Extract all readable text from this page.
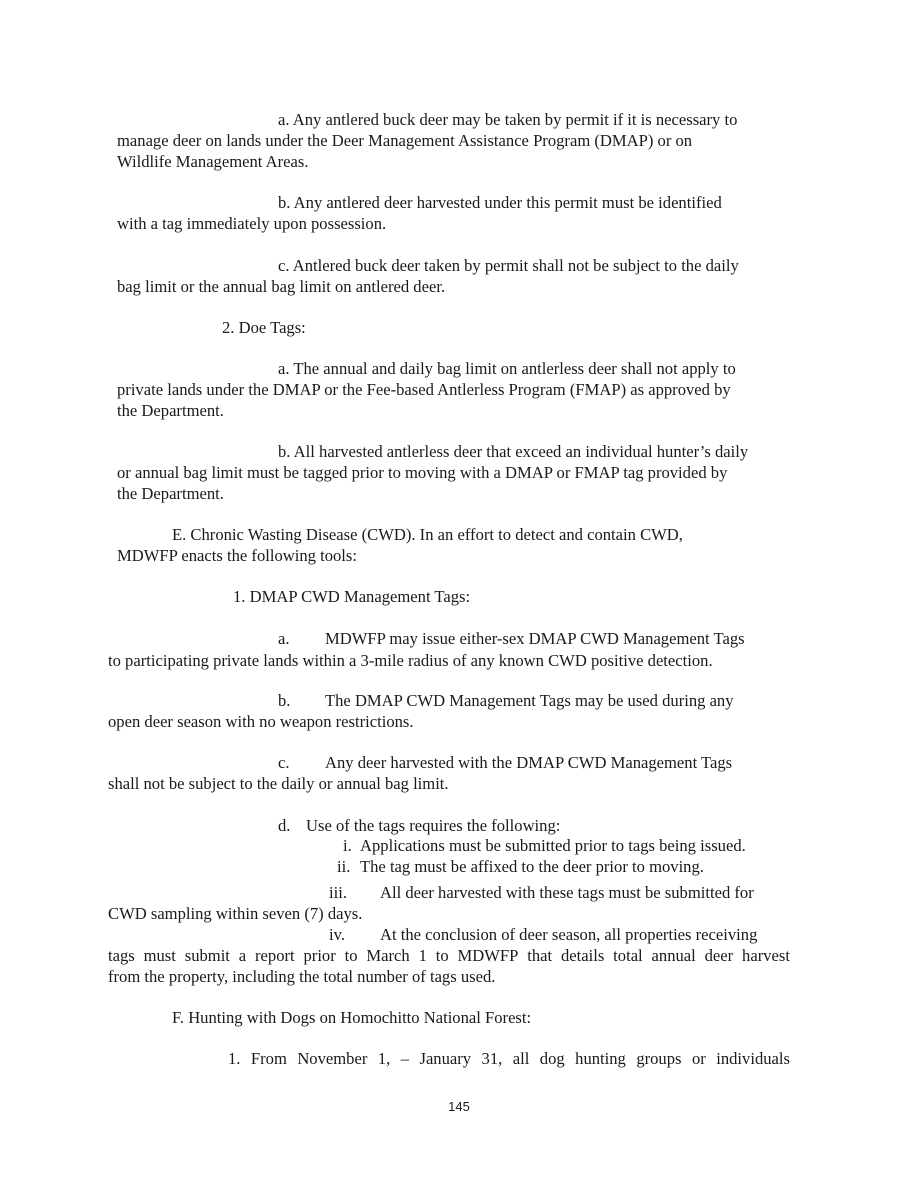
a. Any antlered buck deer may be taken by permit if it is necessary to
manage deer on lands under the Deer Management Assistance Program (DMAP) or on
Wildlife Management Areas.
b. Any antlered deer harvested under this permit must be identified
with a tag immediately upon possession.
c. Antlered buck deer taken by permit shall not be subject to the daily
bag limit or the annual bag limit on antlered deer.
2. Doe Tags:
a. The annual and daily bag limit on antlerless deer shall not apply to
private lands under the DMAP or the Fee-based Antlerless Program (FMAP) as approved by
the Department.
b. All harvested antlerless deer that exceed an individual hunter’s daily
or annual bag limit must be tagged prior to moving with a DMAP or FMAP tag provided by
the Department.
E. Chronic Wasting Disease (CWD). In an effort to detect and contain CWD,
MDWFP enacts the following tools:
1. DMAP CWD Management Tags:
a. MDWFP may issue either-sex DMAP CWD Management Tags
to participating private lands within a 3-mile radius of any known CWD positive detection.
b. The DMAP CWD Management Tags may be used during any
open deer season with no weapon restrictions.
c. Any deer harvested with the DMAP CWD Management Tags
shall not be subject to the daily or annual bag limit.
d. Use of the tags requires the following:
i. Applications must be submitted prior to tags being issued.
ii. The tag must be affixed to the deer prior to moving.
iii. All deer harvested with these tags must be submitted for
CWD sampling within seven (7) days.
iv. At the conclusion of deer season, all properties receiving
tags must submit a report prior to March 1 to MDWFP that details total annual deer harvest
from the property, including the total number of tags used.
F. Hunting with Dogs on Homochitto National Forest:
1. From November 1, – January 31, all dog hunting groups or individuals
145
